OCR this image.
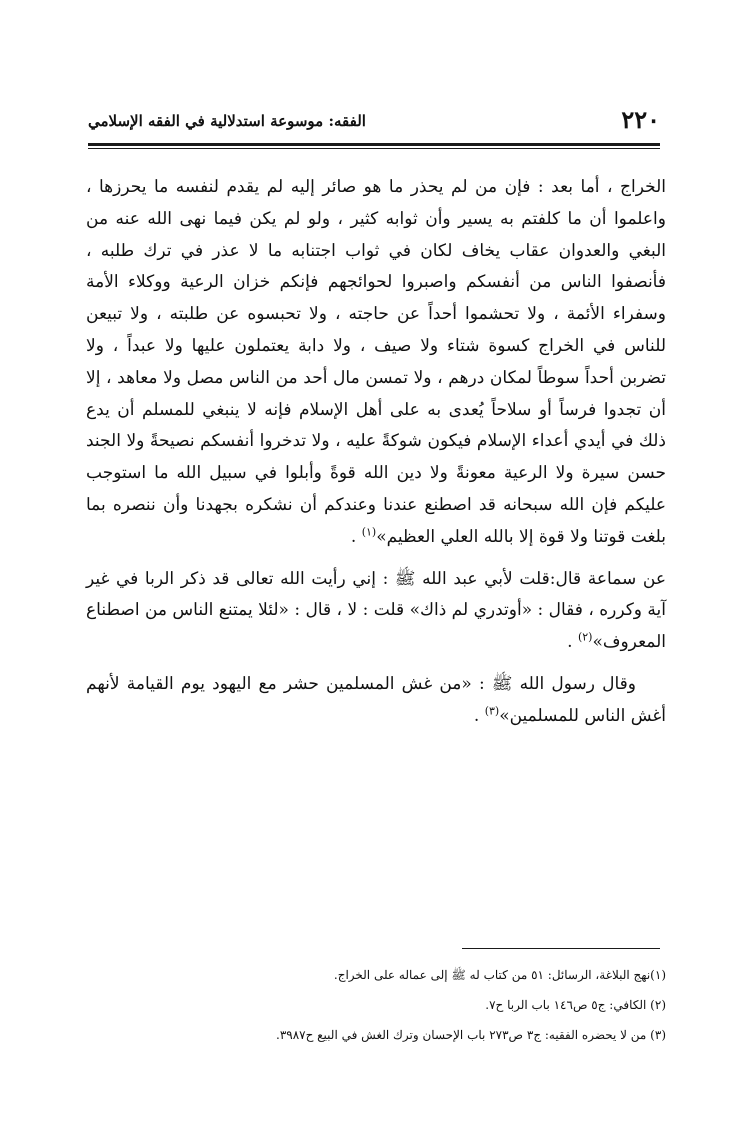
٢٢٠
الفقه: موسوعة استدلالية في الفقه الإسلامي

الخراج ، أما بعد : فإن من لم يحذر ما هو صائر إليه لم يقدم لنفسه ما يحرزها ، واعلموا أن ما كلفتم به يسير وأن ثوابه كثير ، ولو لم يكن فيما نهى الله عنه من البغي والعدوان عقاب يخاف لكان في ثواب اجتنابه ما لا عذر في ترك طلبه ، فأنصفوا الناس من أنفسكم واصبروا لحوائجهم فإنكم خزان الرعية ووكلاء الأمة وسفراء الأئمة ، ولا تحشموا أحداً عن حاجته ، ولا تحبسوه عن طلبته ، ولا تبيعن للناس في الخراج كسوة شتاء ولا صيف ، ولا دابة يعتملون عليها ولا عبداً ، ولا تضربن أحداً سوطاً لمكان درهم ، ولا تمسن مال أحد من الناس مصل ولا معاهد ، إلا أن تجدوا فرساً أو سلاحاً يُعدى به على أهل الإسلام فإنه لا ينبغي للمسلم أن يدع ذلك في أيدي أعداء الإسلام فيكون شوكةً عليه ، ولا تدخروا أنفسكم نصيحةً ولا الجند حسن سيرة ولا الرعية معونةً ولا دين الله قوةً وأبلوا في سبيل الله ما استوجب عليكم فإن الله سبحانه قد اصطنع عندنا وعندكم أن نشكره بجهدنا وأن ننصره بما بلغت قوتنا ولا قوة إلا بالله العلي العظيم»$^{(١)}$ .

عن سماعة قال:قلت لأبي عبد الله ﷺ : إني رأيت الله تعالى قد ذكر الربا في غير آية وكرره ، فقال : «أوتدري لم ذاك» قلت : لا ، قال : «لئلا يمتنع الناس من اصطناع المعروف»$^{(٢)}$ .

وقال رسول الله ﷺ : «من غش المسلمين حشر مع اليهود يوم القيامة لأنهم أغش الناس للمسلمين»$^{(٣)}$ .

(١)نهج البلاغة، الرسائل: ٥١ من كتاب له ﷺ إلى عماله على الخراج.

(٢) الكافي: ج٥ ص١٤٦ باب الربا ح٧.

(٣) من لا يحضره الفقيه: ج٣ ص٢٧٣ باب الإحسان وترك الغش في البيع ح٣٩٨٧.
